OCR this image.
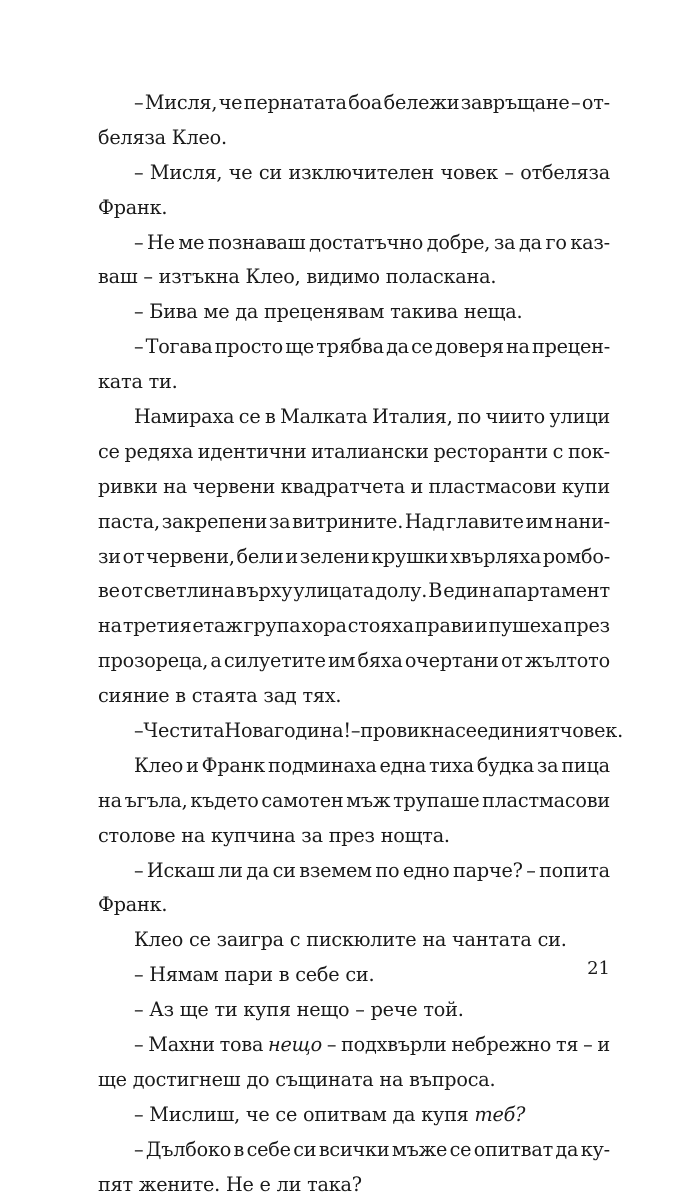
– Мисля, че пернатата боа бележи завръщане – от-
беляза Клео.
– Мисля, че си изключителен човек – отбеляза
Франк.
– Не ме познаваш достатъчно добре, за да го каз-
ваш – изтъкна Клео, видимо поласкана.
– Бива ме да преценявам такива неща.
– Тогава просто ще трябва да се доверя на прецен-
ката ти.
Намираха се в Малката Италия, по чиито улици
се редяха идентични италиански ресторанти с пок-
ривки на червени квадратчета и пластмасови купи
паста, закрепени за витрините. Над главите им нани-
зи от червени, бели и зелени крушки хвърляха ромбо-
ве от светлина върху улицата долу. В един апартамент
на третия етаж група хора стояха прави и пушеха през
прозореца, а силуетите им бяха очертани от жълтото
сияние в стаята зад тях.
– Честита Нова година! – провикна се единият човек.
Клео и Франк подминаха една тиха будка за пица
на ъгъла, където самотен мъж трупаше пластмасови
столове на купчина за през нощта.
– Искаш ли да си вземем по едно парче? – попита
Франк.
Клео се заигра с пискюлите на чантата си.
– Нямам пари в себе си.
– Аз ще ти купя нещо – рече той.
– Махни това нещо – подхвърли небрежно тя – и
ще достигнеш до същината на въпроса.
– Мислиш, че се опитвам да купя теб?
– Дълбоко в себе си всички мъже се опитват да ку-
пят жените. Не е ли така?
21
